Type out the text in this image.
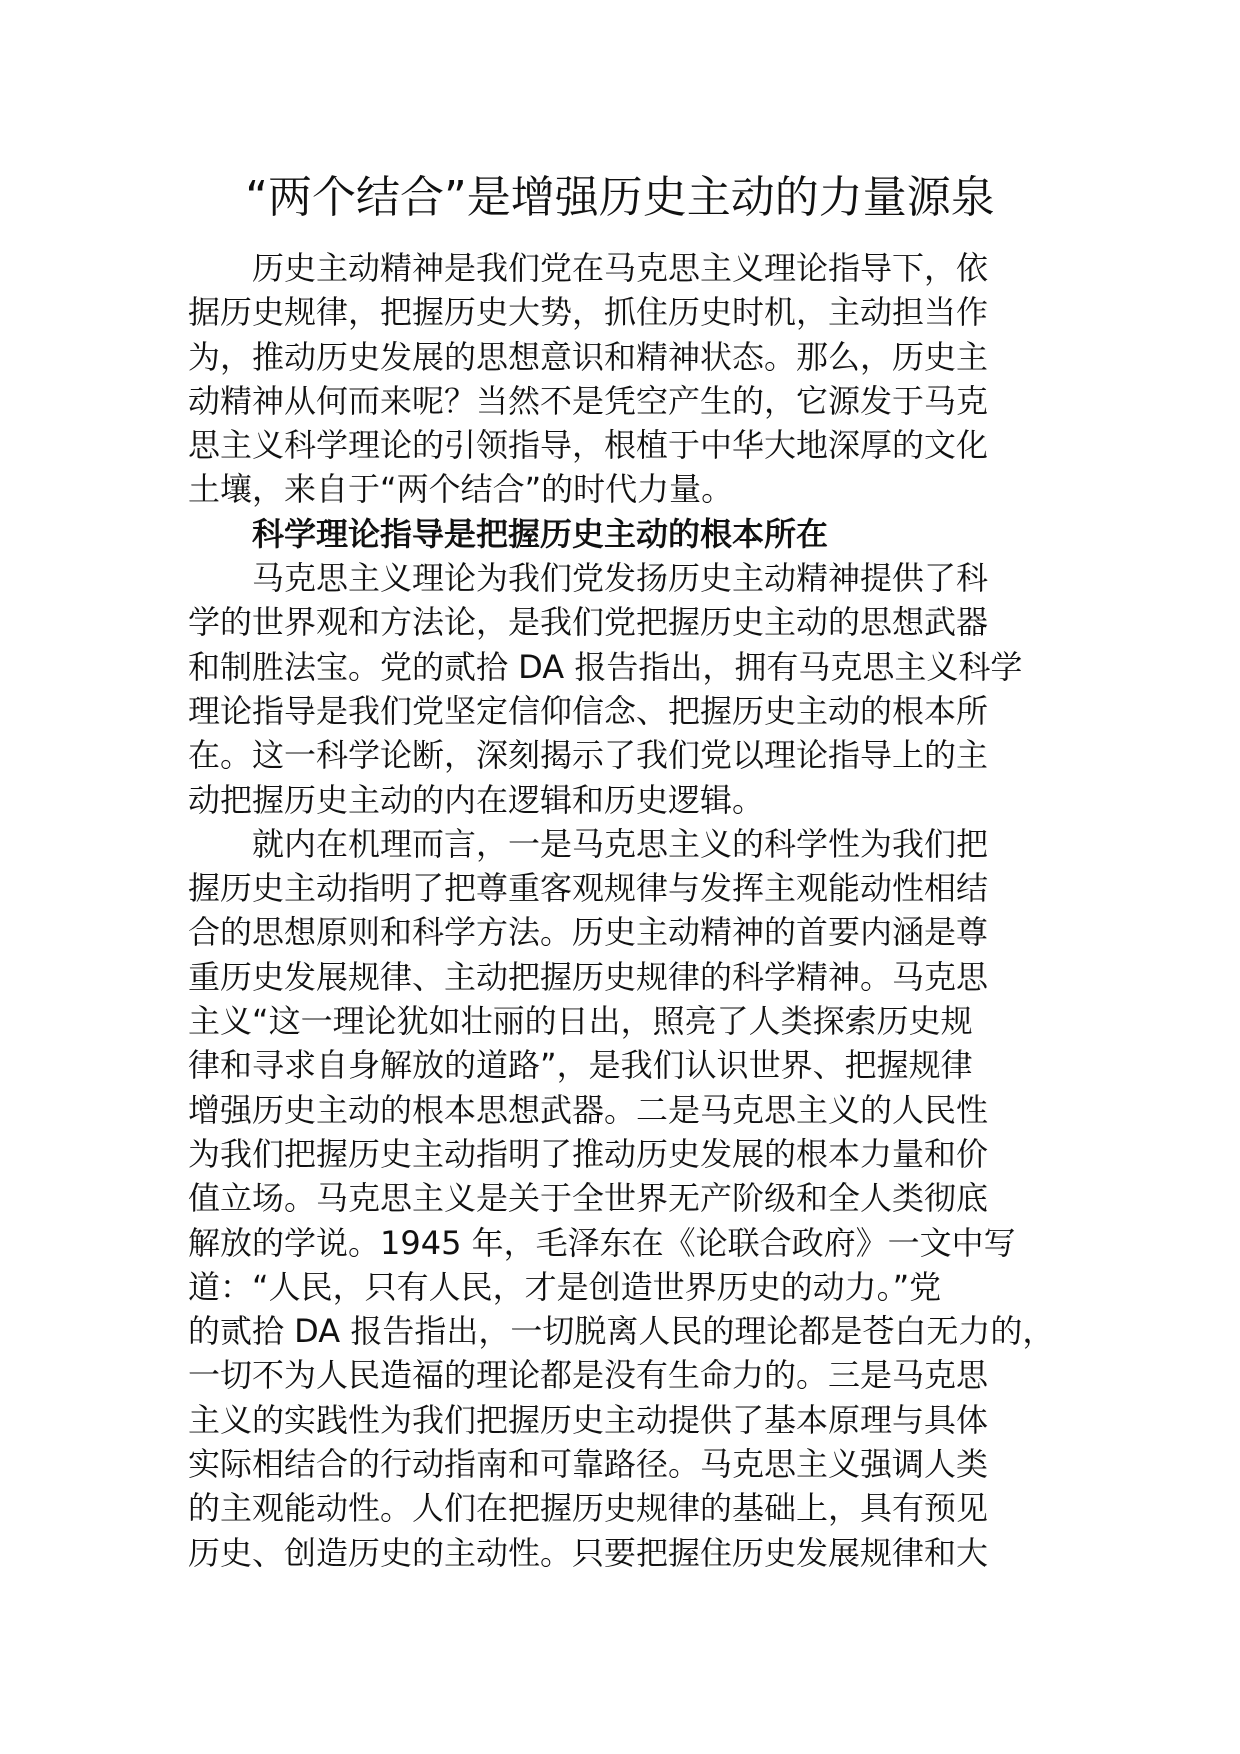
“两个结合”是增强历史主动的力量源泉
历史主动精神是我们党在马克思主义理论指导下，依
据历史规律，把握历史大势，抓住历史时机，主动担当作
为，推动历史发展的思想意识和精神状态。那么，历史主
动精神从何而来呢？当然不是凭空产生的，它源发于马克
思主义科学理论的引领指导，根植于中华大地深厚的文化
土壤，来自于“两个结合”的时代力量。
科学理论指导是把握历史主动的根本所在
马克思主义理论为我们党发扬历史主动精神提供了科
学的世界观和方法论，是我们党把握历史主动的思想武器
和制胜法宝。党的贰拾 DA 报告指出，拥有马克思主义科学
理论指导是我们党坚定信仰信念、把握历史主动的根本所
在。这一科学论断，深刻揭示了我们党以理论指导上的主
动把握历史主动的内在逻辑和历史逻辑。
就内在机理而言，一是马克思主义的科学性为我们把
握历史主动指明了把尊重客观规律与发挥主观能动性相结
合的思想原则和科学方法。历史主动精神的首要内涵是尊
重历史发展规律、主动把握历史规律的科学精神。马克思
主义“这一理论犹如壮丽的日出，照亮了人类探索历史规
律和寻求自身解放的道路”，是我们认识世界、把握规律
增强历史主动的根本思想武器。二是马克思主义的人民性
为我们把握历史主动指明了推动历史发展的根本力量和价
值立场。马克思主义是关于全世界无产阶级和全人类彻底
解放的学说。1945 年，毛泽东在《论联合政府》一文中写
道：“人民，只有人民，才是创造世界历史的动力。”党
的贰拾 DA 报告指出，一切脱离人民的理论都是苍白无力的，
一切不为人民造福的理论都是没有生命力的。三是马克思
主义的实践性为我们把握历史主动提供了基本原理与具体
实际相结合的行动指南和可靠路径。马克思主义强调人类
的主观能动性。人们在把握历史规律的基础上，具有预见
历史、创造历史的主动性。只要把握住历史发展规律和大
